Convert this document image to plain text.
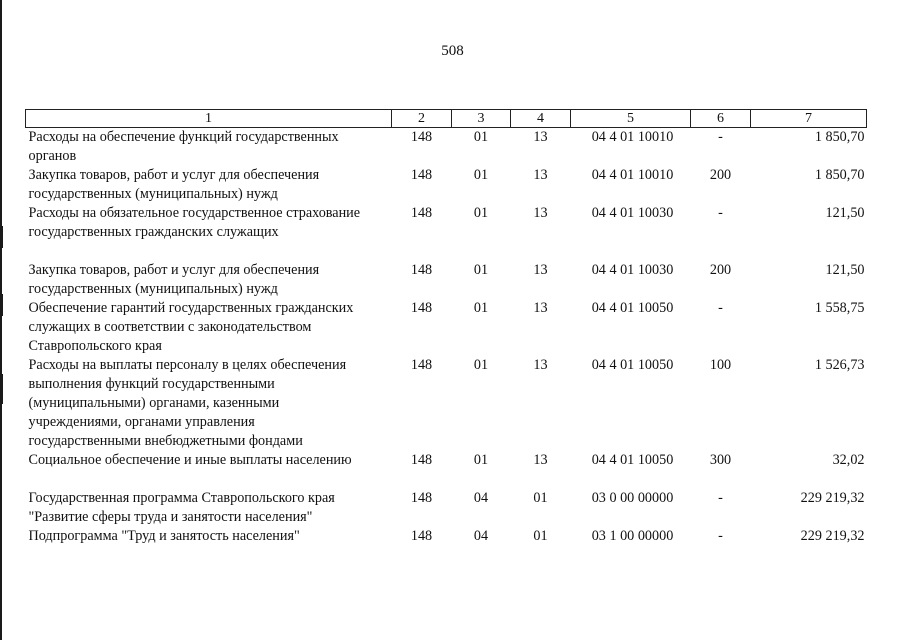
508
1	2	3	4	5	6	7

Расходы на обеспечение функций государственных
органов	148	01	13	04 4 01 10010	-	1 850,70

Закупка товаров, работ и услуг для обеспечения
государственных (муниципальных) нужд	148	01	13	04 4 01 10010	200	1 850,70

Расходы на обязательное государственное страхование
государственных гражданских служащих	148	01	13	04 4 01 10030	-	121,50

Закупка товаров, работ и услуг для обеспечения
государственных (муниципальных) нужд	148	01	13	04 4 01 10030	200	121,50

Обеспечение гарантий государственных гражданских
служащих в соответствии с законодательством
Ставропольского края	148	01	13	04 4 01 10050	-	1 558,75

Расходы на выплаты персоналу в целях обеспечения
выполнения функций государственными
(муниципальными) органами, казенными
учреждениями, органами управления
государственными внебюджетными фондами	148	01	13	04 4 01 10050	100	1 526,73

Социальное обеспечение и иные выплаты населению	148	01	13	04 4 01 10050	300	32,02

Государственная программа Ставропольского края
"Развитие сферы труда и занятости населения"	148	04	01	03 0 00 00000	-	229 219,32

Подпрограмма "Труд и занятость населения"	148	04	01	03 1 00 00000	-	229 219,32
